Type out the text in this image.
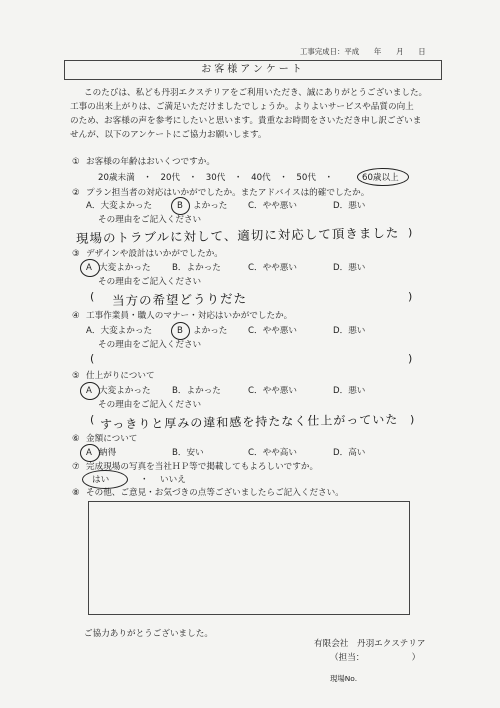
工事完成日：平成　　年　　月　　日
お客様アンケート
このたびは、私ども丹羽エクステリアをご利用いただき、誠にありがとうございました。
工事の出来上がりは、ご満足いただけましたでしょうか。よりよいサービスや品質の向上
のため、お客様の声を参考にしたいと思います。貴重なお時間をさいただき申し訳ございま
せんが、以下のアンケートにご協力お願いします。
① お客様の年齢はおいくつですか。
20歳未満　・　20代　・　30代　・　40代　・　50代　・	60歳以上
② プラン担当者の対応はいかがでしたか。またアドバイスは的確でしたか。
A．大変よかった	B よかった C．やや悪い	D．悪い
その理由をご記入ください
現場のトラブルに対して、適切に対応して頂きました )
③ デザインや設計はいかがでしたか。
A 大変よかった B．よかった	C．やや悪い	D．悪い
その理由をご記入ください
( 当方の希望どうりだた	)
④ 工事作業員・職人のマナー・対応はいかがでしたか。
A．大変よかった	B よかった C．やや悪い	D．悪い
その理由をご記入ください
(	)
⑤ 仕上がりについて
A 大変よかった B．よかった	C．やや悪い	D．悪い
その理由をご記入ください
( すっきりと厚みの違和感を持たなく仕上がっていた )
⑥ 金額について
A 納得	B．安い	C．やや高い	D．高い
⑦ 完成現場の写真を当社ＨＰ等で掲載してもよろしいですか。
はい	・ いいえ
⑧ その他、ご意見・お気づきの点等ございましたらご記入ください。
ご協力ありがとうございました。
有限会社　丹羽エクステリア
（担当：　　　　　　）
現場No.
